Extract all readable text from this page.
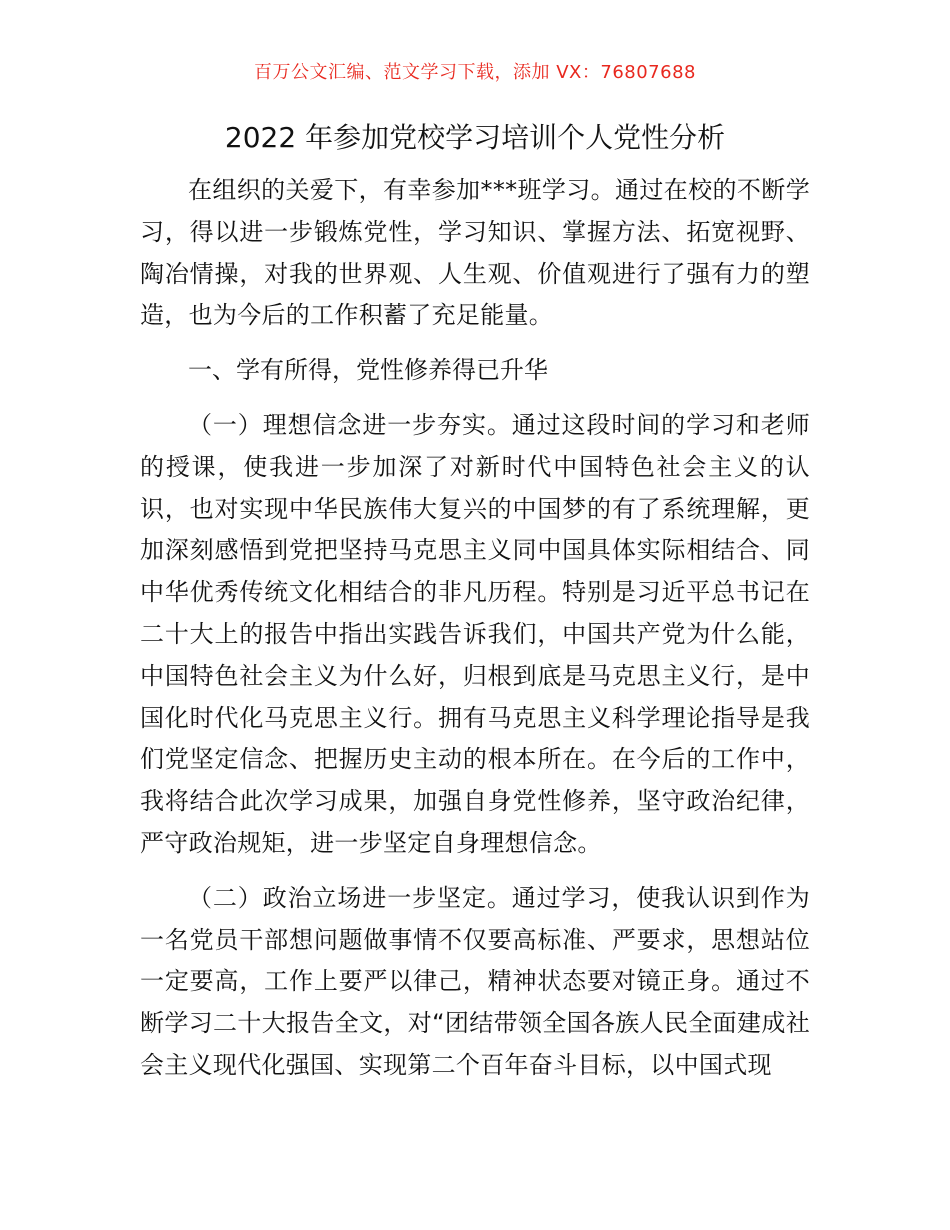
百万公文汇编、范文学习下载，添加 VX：76807688
2022 年参加党校学习培训个人党性分析

在组织的关爱下，有幸参加***班学习。通过在校的不断学习，得以进一步锻炼党性，学习知识、掌握方法、拓宽视野、陶冶情操，对我的世界观、人生观、价值观进行了强有力的塑造，也为今后的工作积蓄了充足能量。

一、学有所得，党性修养得已升华

（一）理想信念进一步夯实。通过这段时间的学习和老师的授课，使我进一步加深了对新时代中国特色社会主义的认识，也对实现中华民族伟大复兴的中国梦的有了系统理解，更加深刻感悟到党把坚持马克思主义同中国具体实际相结合、同中华优秀传统文化相结合的非凡历程。特别是习近平总书记在二十大上的报告中指出实践告诉我们，中国共产党为什么能，中国特色社会主义为什么好，归根到底是马克思主义行，是中国化时代化马克思主义行。拥有马克思主义科学理论指导是我们党坚定信念、把握历史主动的根本所在。在今后的工作中，我将结合此次学习成果，加强自身党性修养，坚守政治纪律，严守政治规矩，进一步坚定自身理想信念。

（二）政治立场进一步坚定。通过学习，使我认识到作为一名党员干部想问题做事情不仅要高标准、严要求，思想站位一定要高，工作上要严以律己，精神状态要对镜正身。通过不断学习二十大报告全文，对“团结带领全国各族人民全面建成社会主义现代化强国、实现第二个百年奋斗目标，以中国式现
